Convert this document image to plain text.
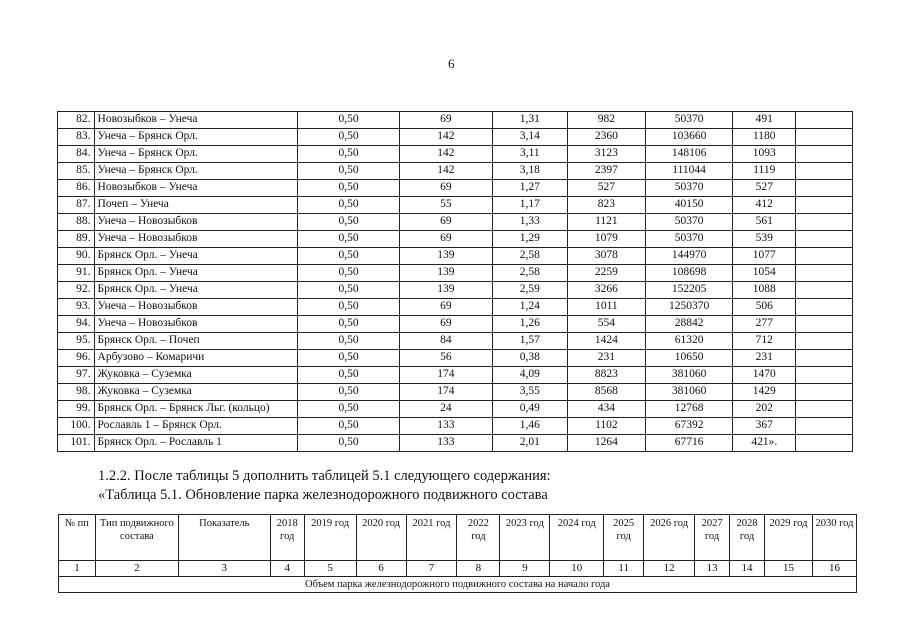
6
82.	Новозыбков – Унеча	0,50	69	1,31	982	50370	491	
83.	Унеча – Брянск Орл.	0,50	142	3,14	2360	103660	1180	
84.	Унеча – Брянск Орл.	0,50	142	3,11	3123	148106	1093	
85.	Унеча – Брянск Орл.	0,50	142	3,18	2397	111044	1119	
86.	Новозыбков – Унеча	0,50	69	1,27	527	50370	527	
87.	Почеп – Унеча	0,50	55	1,17	823	40150	412	
88.	Унеча – Новозыбков	0,50	69	1,33	1121	50370	561	
89.	Унеча – Новозыбков	0,50	69	1,29	1079	50370	539	
90.	Брянск Орл. – Унеча	0,50	139	2,58	3078	144970	1077	
91.	Брянск Орл. – Унеча	0,50	139	2,58	2259	108698	1054	
92.	Брянск Орл. – Унеча	0,50	139	2,59	3266	152205	1088	
93.	Унеча – Новозыбков	0,50	69	1,24	1011	1250370	506	
94.	Унеча – Новозыбков	0,50	69	1,26	554	28842	277	
95.	Брянск Орл. – Почеп	0,50	84	1,57	1424	61320	712	
96.	Арбузово – Комаричи	0,50	56	0,38	231	10650	231	
97.	Жуковка – Суземка	0,50	174	4,09	8823	381060	1470	
98.	Жуковка – Суземка	0,50	174	3,55	8568	381060	1429	
99.	Брянск Орл. – Брянск Льг. (кольцо)	0,50	24	0,49	434	12768	202	
100.	Рославль 1 – Брянск Орл.	0,50	133	1,46	1102	67392	367	
101.	Брянск Орл. – Рославль 1	0,50	133	2,01	1264	67716	421».	
1.2.2. После таблицы 5 дополнить таблицей 5.1 следующего содержания:
«Таблица 5.1. Обновление парка железнодорожного подвижного состава
№ пп	Тип подвижного состава	Показатель	2018 год	2019 год	2020 год	2021 год	2022 год	2023 год	2024 год	2025 год	2026 год	2027 год	2028 год	2029 год	2030 год
1	2	3	4	5	6	7	8	9	10	11	12	13	14	15	16
Объем парка железнодорожного подвижного состава на начало года															
